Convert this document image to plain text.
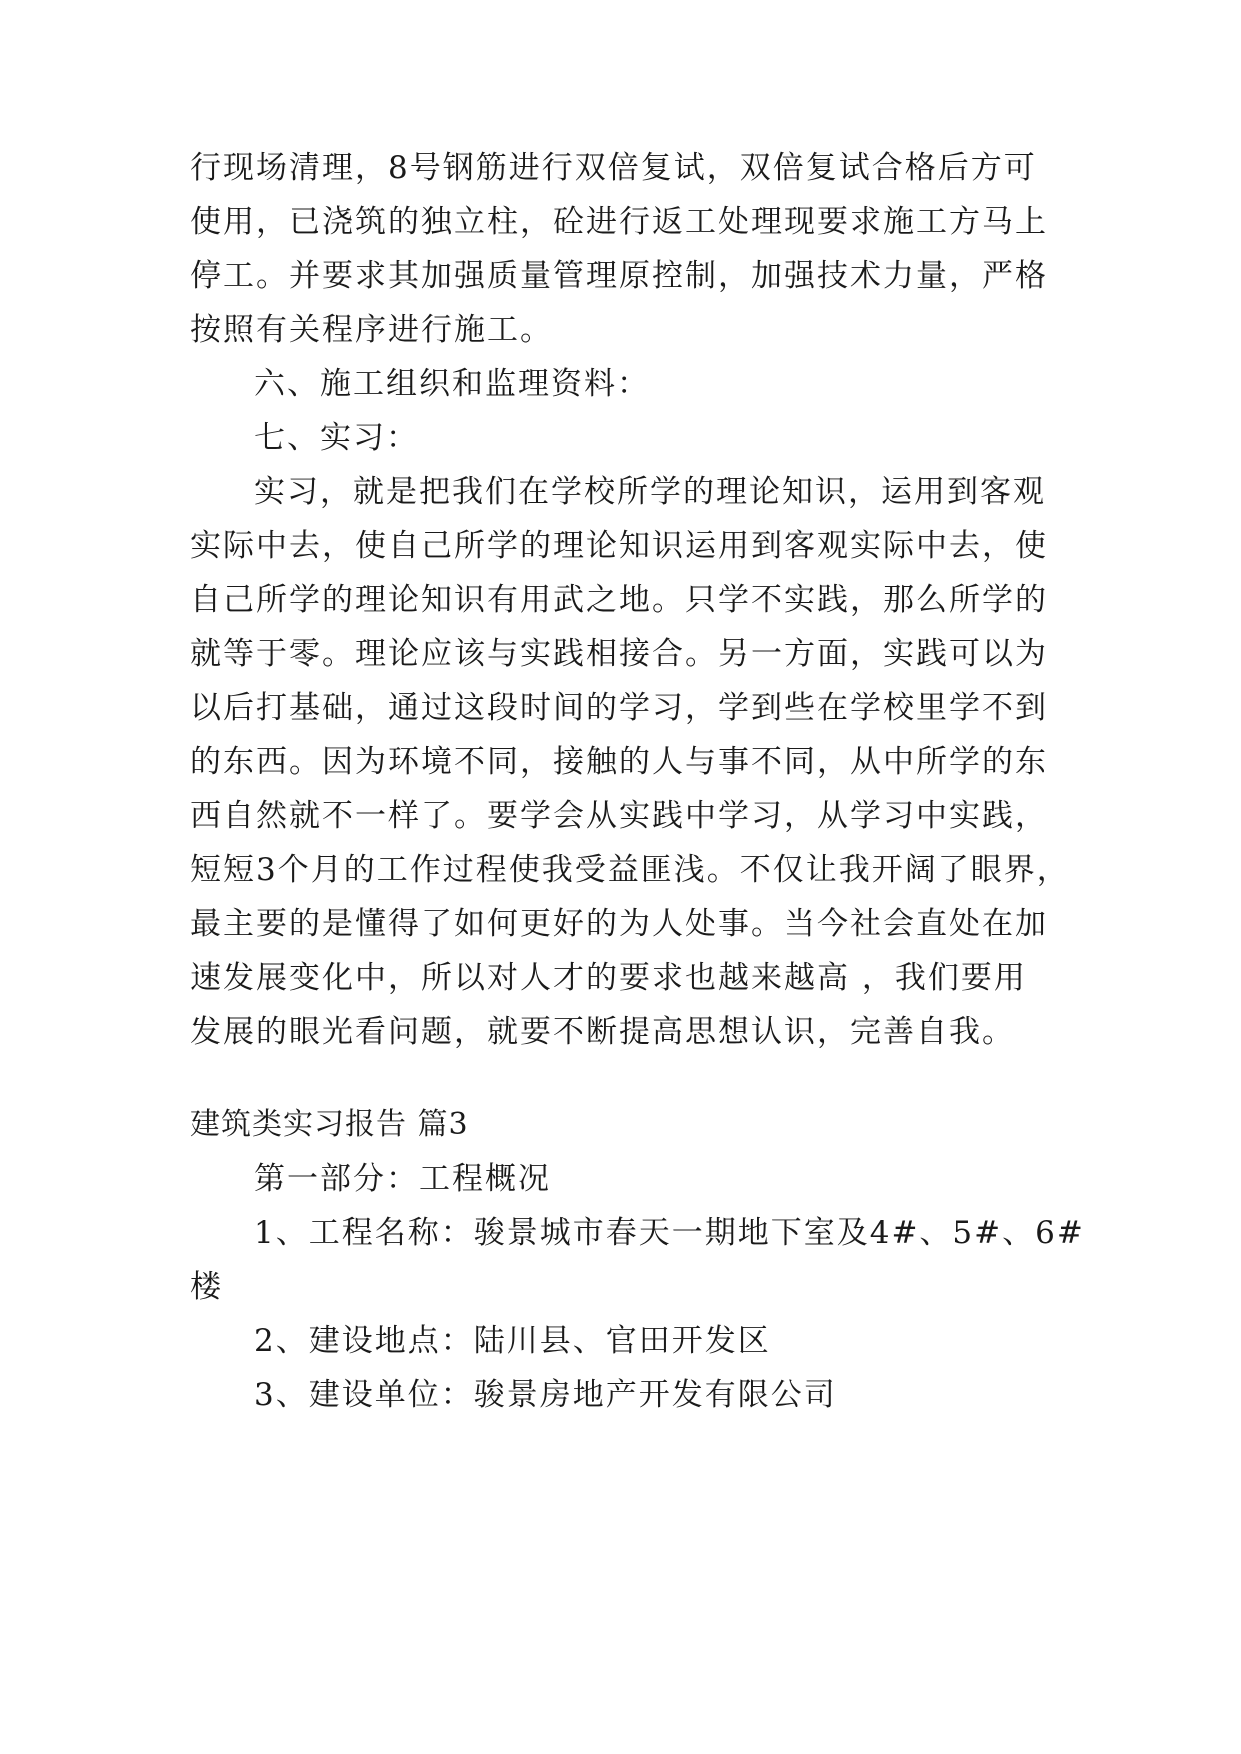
行现场清理，8号钢筋进行双倍复试，双倍复试合格后方可
使用，已浇筑的独立柱，砼进行返工处理现要求施工方马上
停工。并要求其加强质量管理原控制，加强技术力量，严格
按照有关程序进行施工。
六、施工组织和监理资料：
七、实习：
实习，就是把我们在学校所学的理论知识，运用到客观
实际中去，使自己所学的理论知识运用到客观实际中去，使
自己所学的理论知识有用武之地。只学不实践，那么所学的
就等于零。理论应该与实践相接合。另一方面，实践可以为
以后打基础，通过这段时间的学习，学到些在学校里学不到
的东西。因为环境不同，接触的人与事不同，从中所学的东
西自然就不一样了。要学会从实践中学习，从学习中实践，
短短3个月的工作过程使我受益匪浅。不仅让我开阔了眼界，
最主要的是懂得了如何更好的为人处事。当今社会直处在加
速发展变化中，所以对人才的要求也越来越高 ，我们要用
发展的眼光看问题，就要不断提高思想认识，完善自我。
建筑类实习报告 篇3
第一部分：工程概况
1、工程名称：骏景城市春天一期地下室及4#、5#、6#
楼
2、建设地点：陆川县、官田开发区
3、建设单位：骏景房地产开发有限公司
